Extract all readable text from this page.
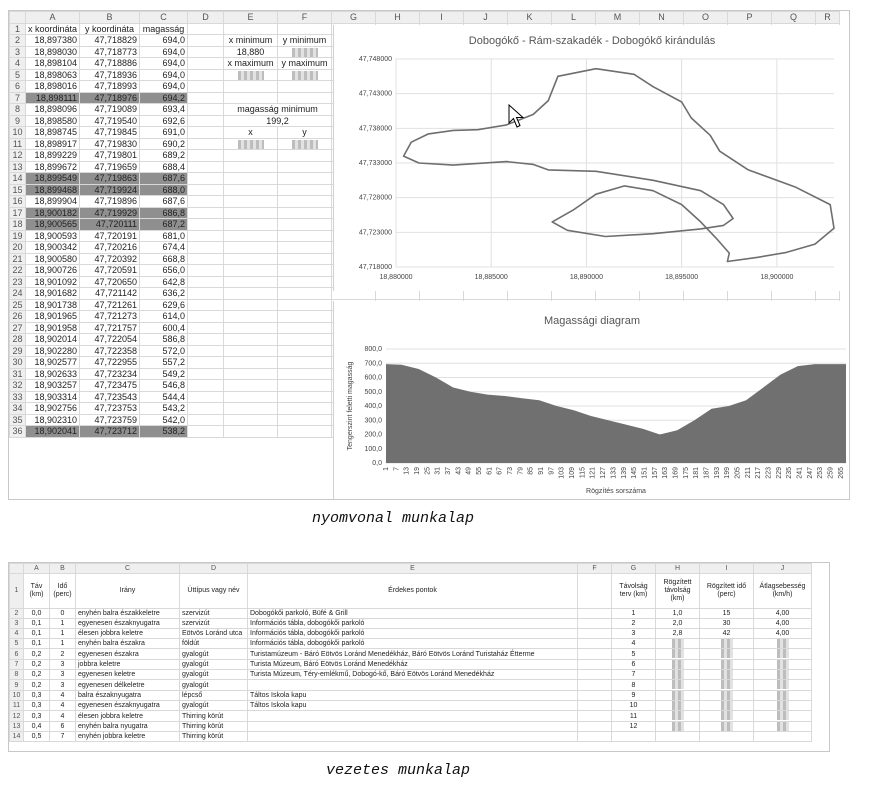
	A	B	C	D	E	F	G	H	I	J	K	L	M	N	O	P	Q	R
1	x koordináta	y koordináta	magasság															
2	18,897380	47,718829	694,0		x minimum	y minimum												
3	18,898030	47,718773	694,0		18,880													
4	18,898104	47,718886	694,0		x maximum	y maximum												
5	18,898063	47,718936	694,0															
6	18,898016	47,718993	694,0															
7	18,898111	47,718976	694,2															
8	18,898096	47,719089	693,4		magasság minimum													
9	18,898580	47,719540	692,6		199,2													
10	18,898745	47,719845	691,0		x	y												
11	18,898917	47,719830	690,2															
12	18,899229	47,719801	689,2															
13	18,899672	47,719659	688,4															
14	18,899549	47,719863	687,6															
15	18,899468	47,719924	688,0															
16	18,899904	47,719896	687,6															
17	18,900182	47,719929	686,8															
18	18,900565	47,720111	687,2															
19	18,900593	47,720191	681,0															
20	18,900342	47,720216	674,4															
21	18,900580	47,720392	668,8															
22	18,900726	47,720591	656,0															
23	18,901092	47,720650	642,8															
24	18,901682	47,721142	636,2															
25	18,901738	47,721261	629,6															
26	18,901965	47,721273	614,0															
27	18,901958	47,721757	600,4															
28	18,902014	47,722054	586,8															
29	18,902280	47,722358	572,0															
30	18,902577	47,722955	557,2															
31	18,902633	47,723234	549,2															
32	18,903257	47,723475	546,8															
33	18,903314	47,723543	544,4															
34	18,902756	47,723753	543,2															
35	18,902310	47,723759	542,0															
36	18,902041	47,723712	538,2															
Dobogókő - Rám-szakadék - Dobogókő kirándulás
47,748000
47,743000
47,738000
47,733000
47,728000
47,723000
47,718000
18,880000	18,885000	18,890000	18,895000	18,900000
Magassági diagram
800,0
700,0
600,0
500,0
400,0
300,0
200,0
100,0
0,0
1 7 13 19 25 31 37 43 49 55 61 67 73 79 85 91 97 103 109 115 121 127 133 139 145 151 157 163 169 175 181 187 193 199 205 211 217 223 229 235 241 247 253 259 265
Rögzítés sorszáma
Tengerszint feletti magasság
nyomvonal munkalap
	A	B	C	D	E	F	G	H	I	J
1	Táv (km)	Idő (perc)	Irány	Úttípus vagy név	Érdekes pontok		Távolság terv (km)	Rögzített távolság (km)	Rögzített idő (perc)	Átlagsebesség (km/h)
2	0,0	0	enyhén balra északkeletre	szervizút	Dobogókői parkoló, Büfé & Grill		1	1,0	15	4,00
3	0,1	1	egyenesen északnyugatra	szervizút	Információs tábla, dobogókői parkoló		2	2,0	30	4,00
4	0,1	1	élesen jobbra keletre	Eötvös Loránd utca	Információs tábla, dobogókői parkoló		3	2,8	42	4,00
5	0,1	1	enyhén balra északra	földút	Információs tábla, dobogókői parkoló		4			
6	0,2	2	egyenesen északra	gyalogút	Turistamúzeum - Báró Eötvös Loránd Menedékház, Báró Eötvös Loránd Turistaház Étterme		5			
7	0,2	3	jobbra keletre	gyalogút	Turista Múzeum, Báró Eötvös Loránd Menedékház		6			
8	0,2	3	egyenesen keletre	gyalogút	Turista Múzeum, Téry-emlékmű, Dobogó-kő, Báró Eötvös Loránd Menedékház		7			
9	0,2	3	egyenesen délkeletre	gyalogút			8			
10	0,3	4	balra északnyugatra	lépcső	Táltos Iskola kapu		9			
11	0,3	4	egyenesen északnyugatra	gyalogút	Táltos Iskola kapu		10			
12	0,3	4	élesen jobbra keletre	Thirring körút			11			
13	0,4	6	enyhén balra nyugatra	Thirring körút			12			
14	0,5	7	enyhén jobbra keletre	Thirring körút						
vezetes munkalap
